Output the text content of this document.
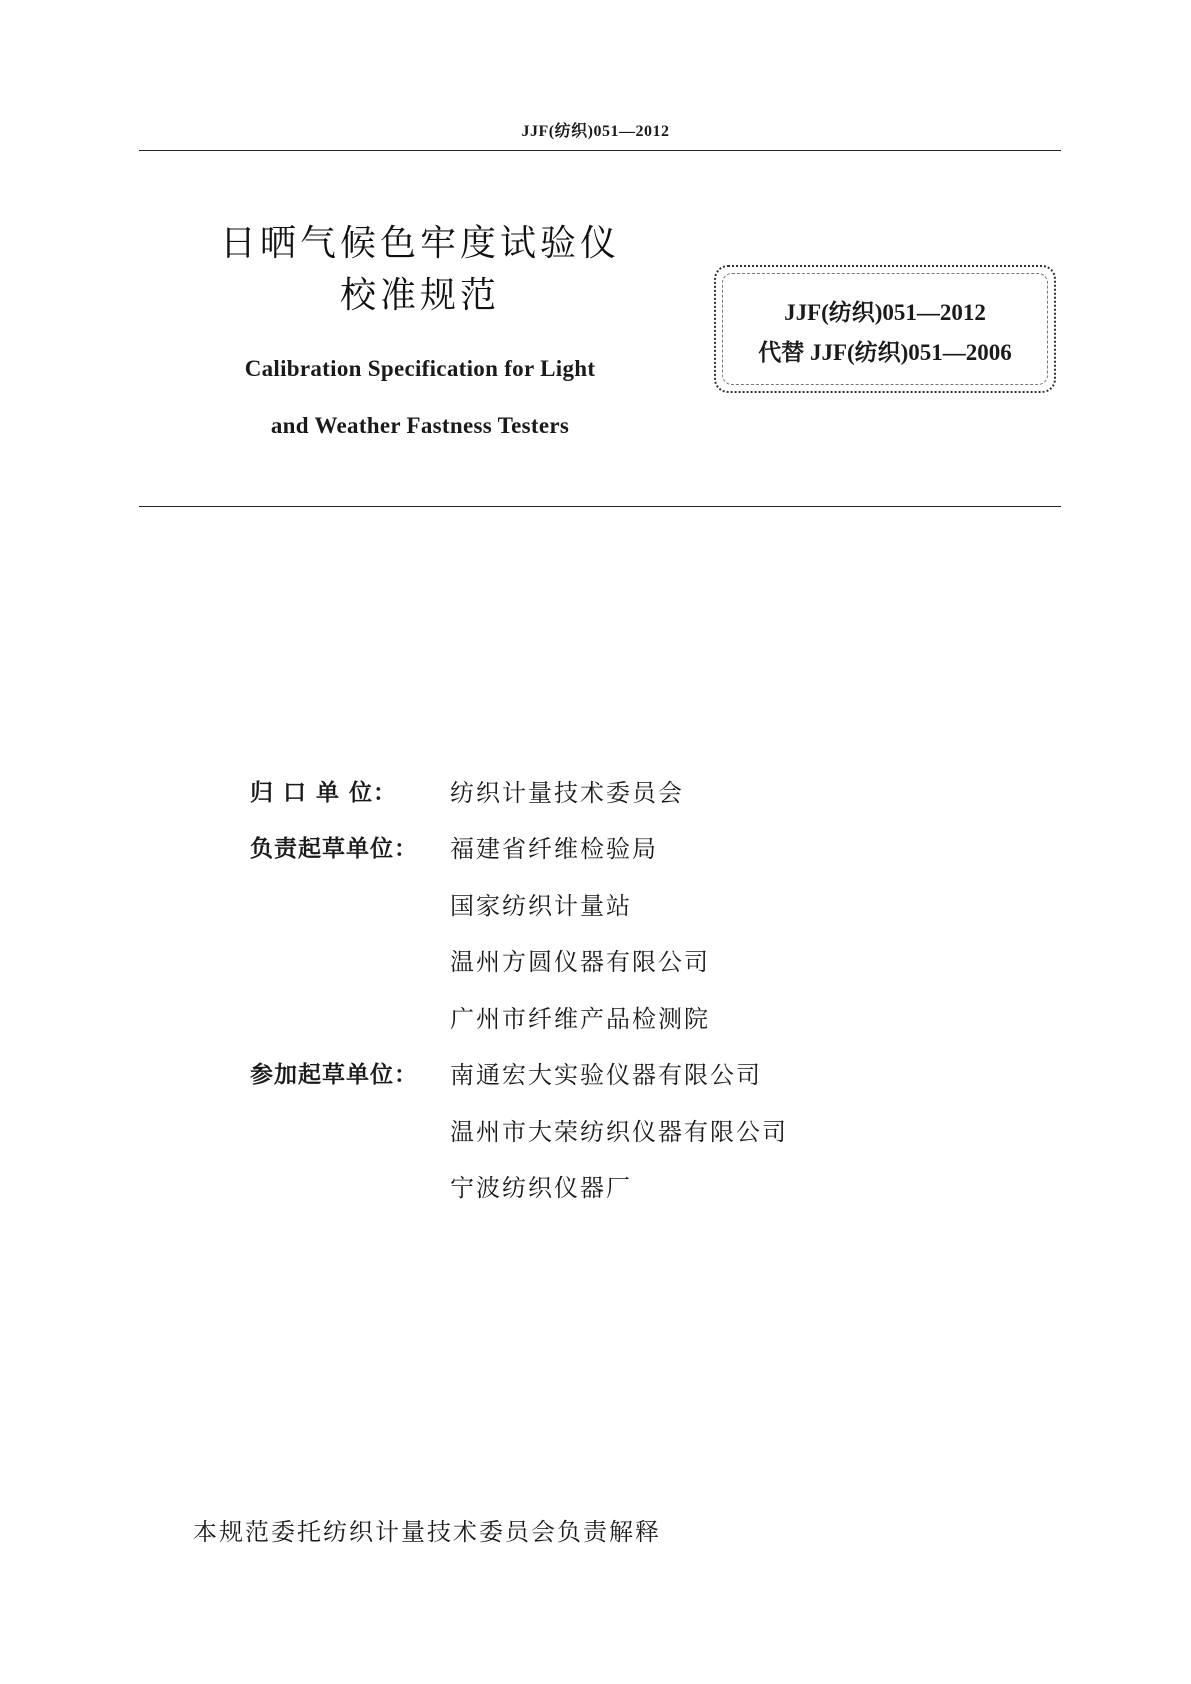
JJF(纺织)051—2012
日晒气候色牢度试验仪
校准规范
Calibration Specification for Light
and Weather Fastness Testers
JJF(纺织)051—2012
代替 JJF(纺织)051—2006
归 口 单 位：	纺织计量技术委员会
负责起草单位：	福建省纤维检验局
国家纺织计量站
温州方圆仪器有限公司
广州市纤维产品检测院
参加起草单位：	南通宏大实验仪器有限公司
温州市大荣纺织仪器有限公司
宁波纺织仪器厂
本规范委托纺织计量技术委员会负责解释
